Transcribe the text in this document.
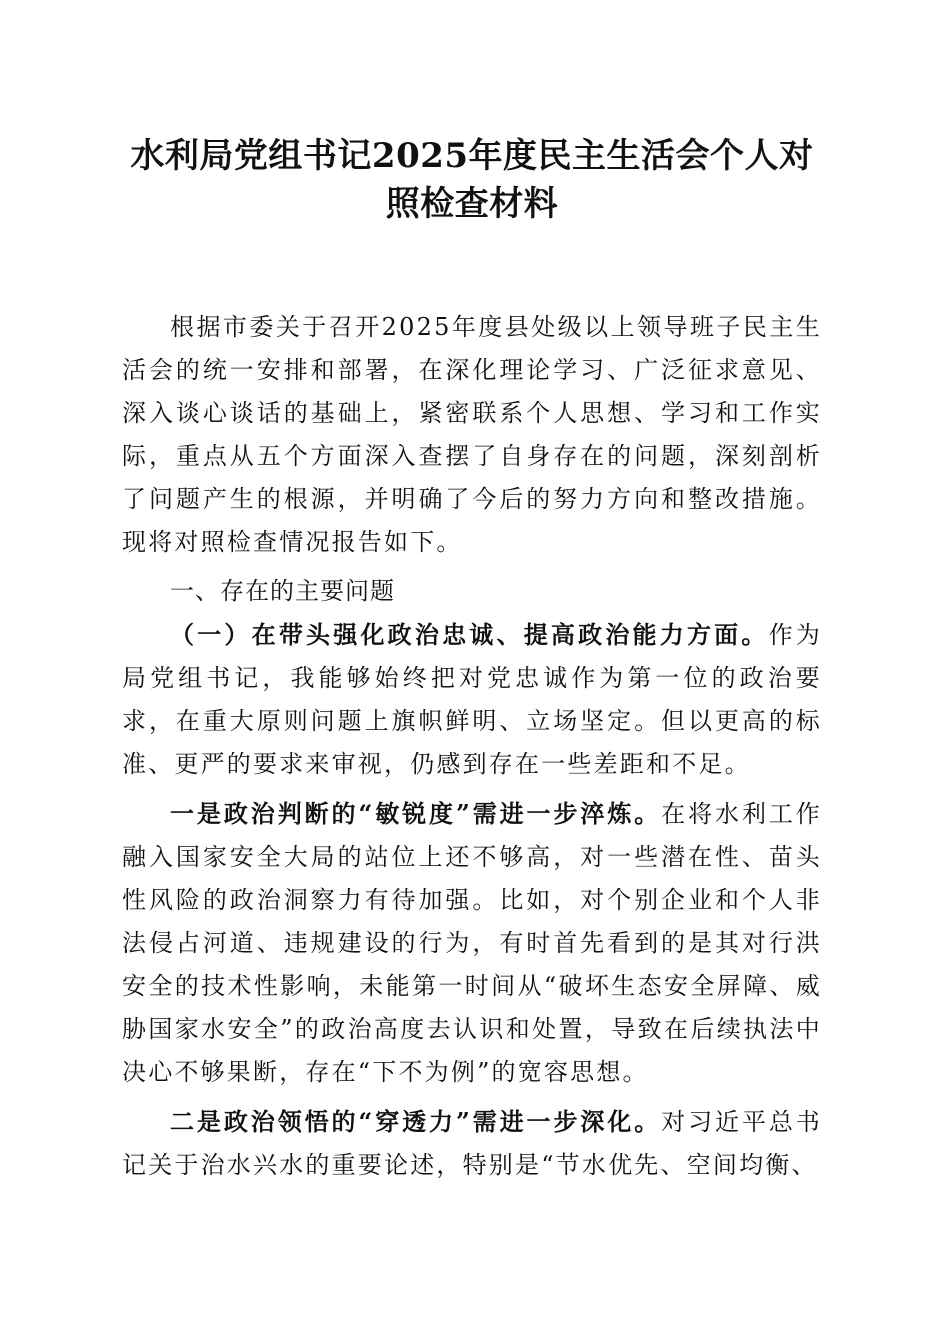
水利局党组书记2025年度民主生活会个人对
照检查材料

根据市委关于召开2025年度县处级以上领导班子民主生活会的统一安排和部署，在深化理论学习、广泛征求意见、深入谈心谈话的基础上，紧密联系个人思想、学习和工作实际，重点从五个方面深入查摆了自身存在的问题，深刻剖析了问题产生的根源，并明确了今后的努力方向和整改措施。现将对照检查情况报告如下。

一、存在的主要问题

（一）在带头强化政治忠诚、提高政治能力方面。作为局党组书记，我能够始终把对党忠诚作为第一位的政治要求，在重大原则问题上旗帜鲜明、立场坚定。但以更高的标准、更严的要求来审视，仍感到存在一些差距和不足。

一是政治判断的“敏锐度”需进一步淬炼。在将水利工作融入国家安全大局的站位上还不够高，对一些潜在性、苗头性风险的政治洞察力有待加强。比如，对个别企业和个人非法侵占河道、违规建设的行为，有时首先看到的是其对行洪安全的技术性影响，未能第一时间从“破坏生态安全屏障、威胁国家水安全”的政治高度去认识和处置，导致在后续执法中决心不够果断，存在“下不为例”的宽容思想。

二是政治领悟的“穿透力”需进一步深化。对习近平总书记关于治水兴水的重要论述，特别是“节水优先、空间均衡、
